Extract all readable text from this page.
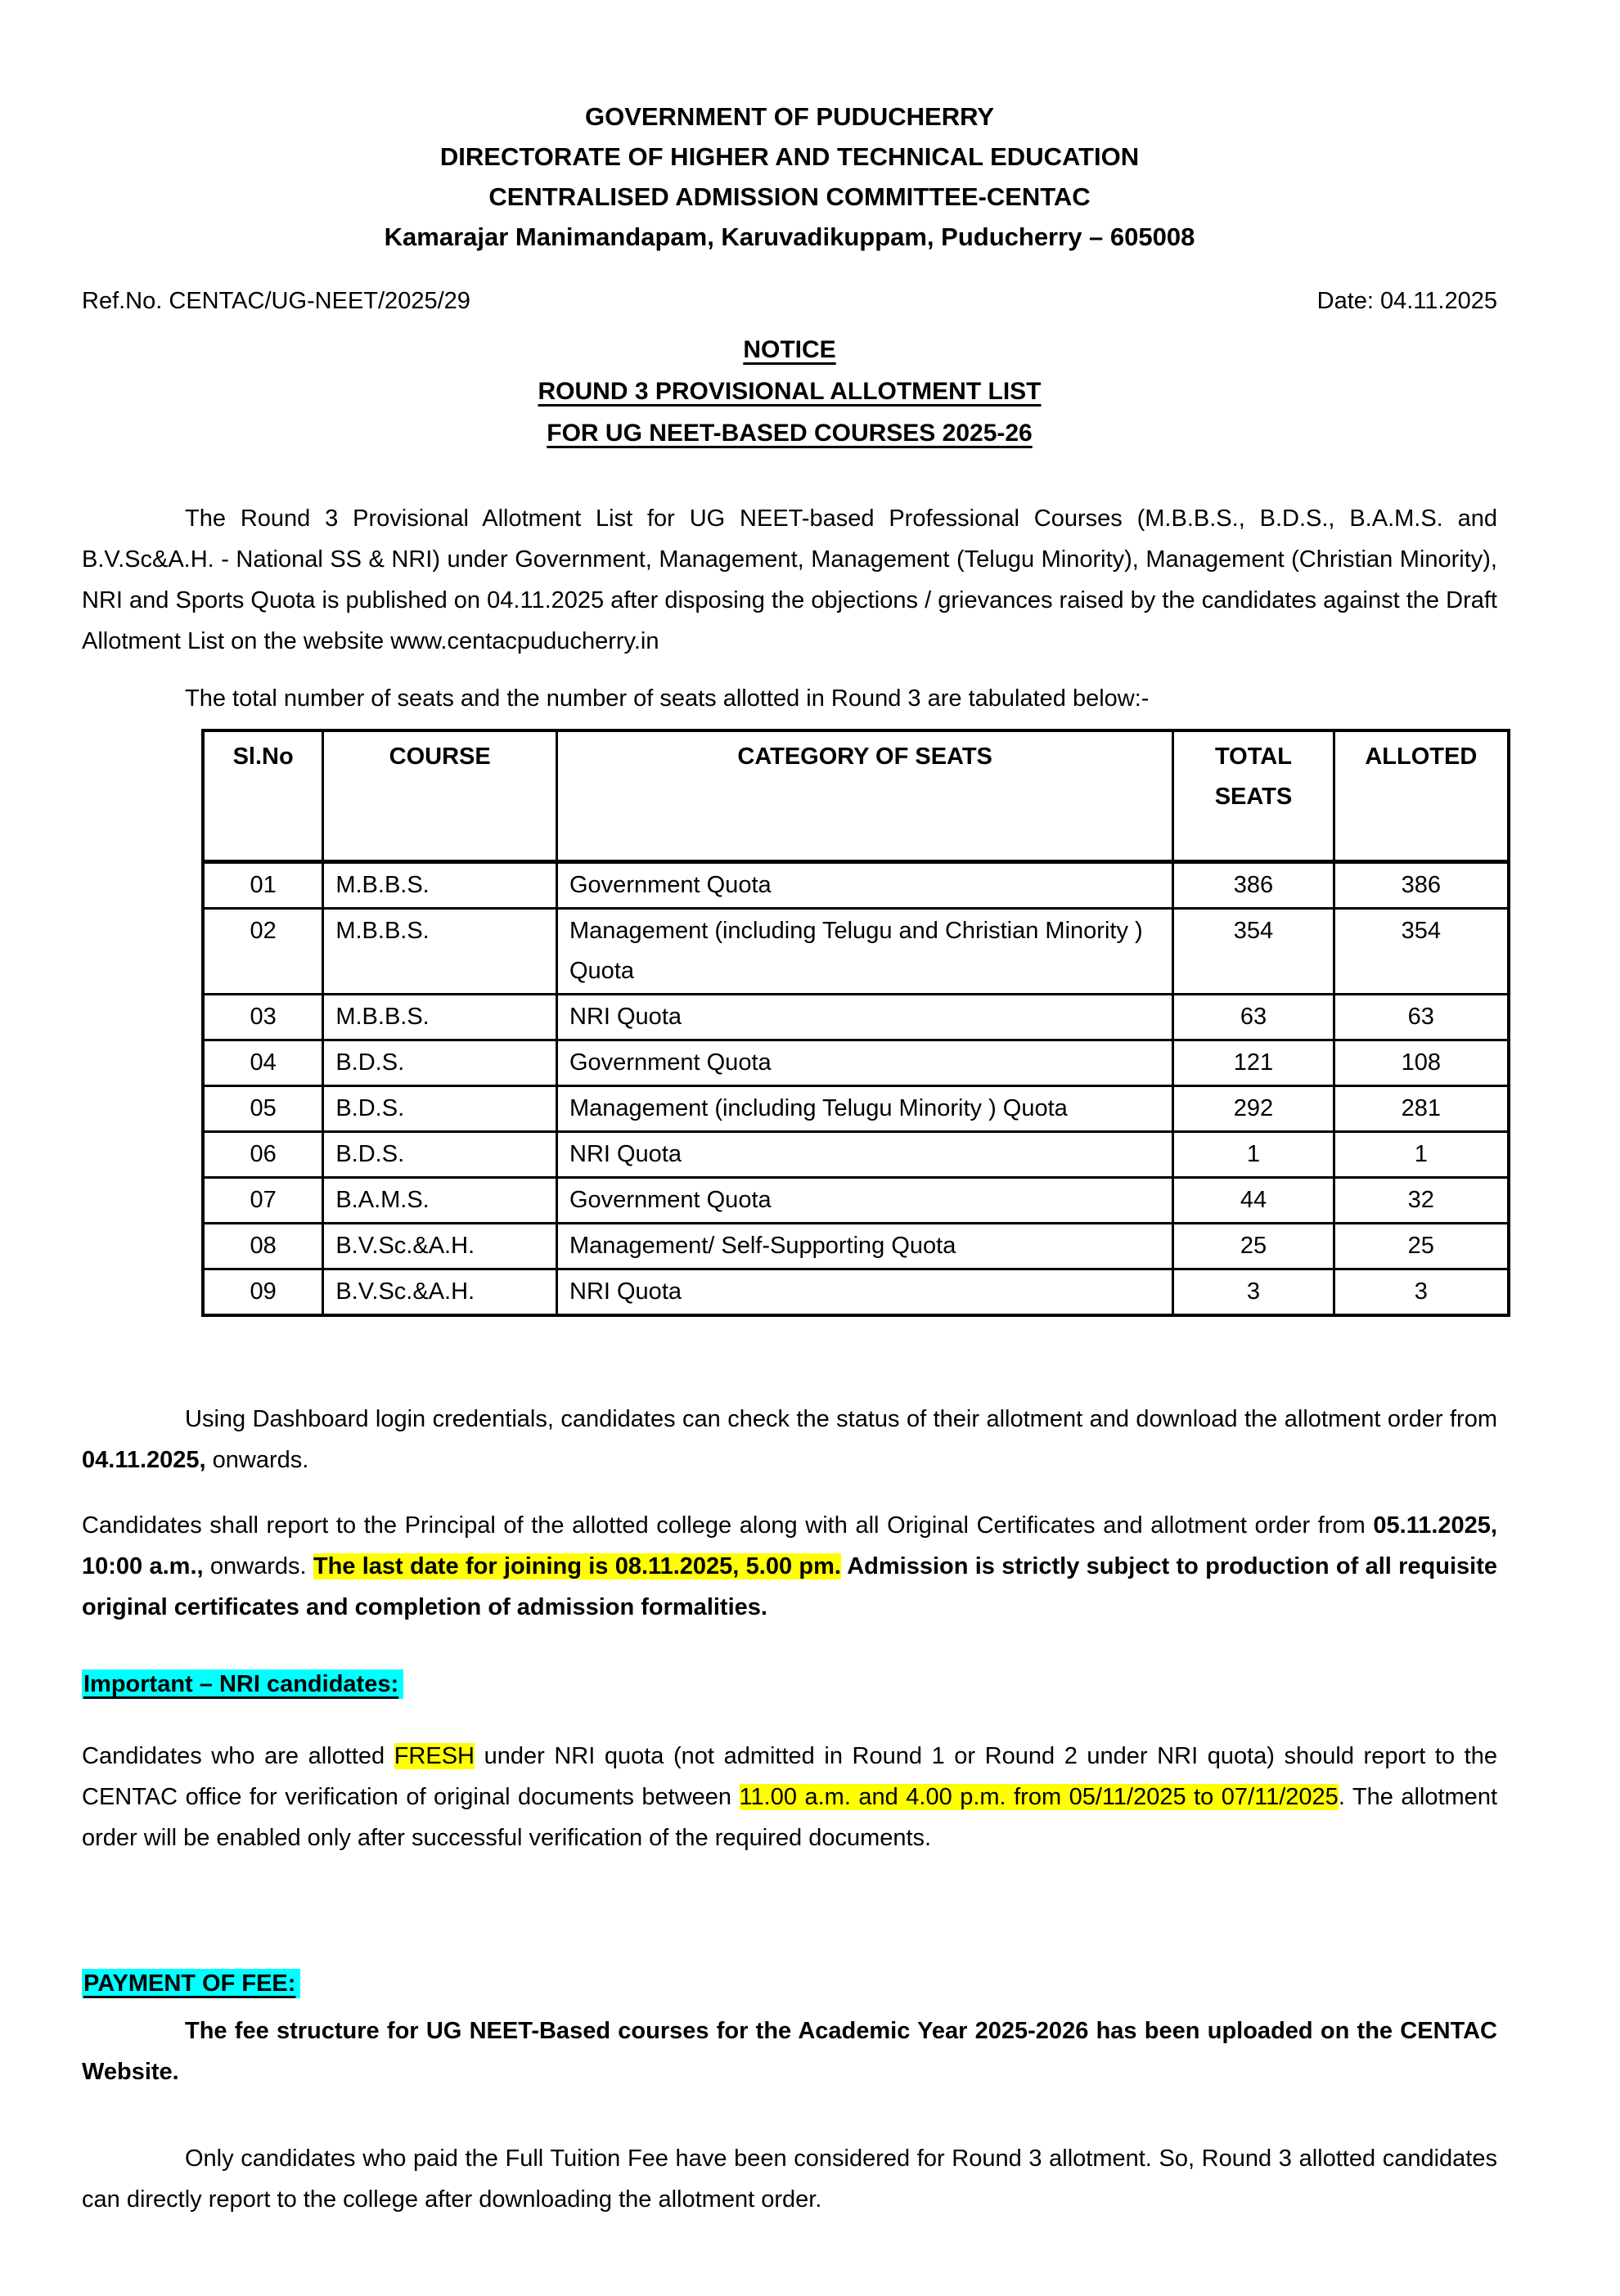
GOVERNMENT OF PUDUCHERRY
DIRECTORATE OF HIGHER AND TECHNICAL EDUCATION
CENTRALISED ADMISSION COMMITTEE-CENTAC
Kamarajar Manimandapam, Karuvadikuppam, Puducherry – 605008
Ref.No. CENTAC/UG-NEET/2025/29	Date: 04.11.2025
NOTICE
ROUND 3 PROVISIONAL ALLOTMENT LIST
FOR UG NEET-BASED COURSES 2025-26
The Round 3 Provisional Allotment List for UG NEET-based Professional Courses (M.B.B.S., B.D.S., B.A.M.S. and B.V.Sc&A.H. - National SS & NRI) under Government, Management, Management (Telugu Minority), Management (Christian Minority), NRI and Sports Quota is published on 04.11.2025 after disposing the objections / grievances raised by the candidates against the Draft Allotment List on the website www.centacpuducherry.in
The total number of seats and the number of seats allotted in Round 3 are tabulated below:-
Sl.No	COURSE	CATEGORY OF SEATS	TOTAL SEATS	ALLOTED
01	M.B.B.S.	Government Quota	386	386
02	M.B.B.S.	Management (including Telugu and Christian Minority ) Quota	354	354
03	M.B.B.S.	NRI Quota	63	63
04	B.D.S.	Government Quota	121	108
05	B.D.S.	Management (including Telugu Minority ) Quota	292	281
06	B.D.S.	NRI Quota	1	1
07	B.A.M.S.	Government Quota	44	32
08	B.V.Sc.&A.H.	Management/ Self-Supporting Quota	25	25
09	B.V.Sc.&A.H.	NRI Quota	3	3
Using Dashboard login credentials, candidates can check the status of their allotment and download the allotment order from 04.11.2025, onwards.
Candidates shall report to the Principal of the allotted college along with all Original Certificates and allotment order from 05.11.2025, 10:00 a.m., onwards. The last date for joining is 08.11.2025, 5.00 pm. Admission is strictly subject to production of all requisite original certificates and completion of admission formalities.
Important – NRI candidates:
Candidates who are allotted FRESH under NRI quota (not admitted in Round 1 or Round 2 under NRI quota) should report to the CENTAC office for verification of original documents between 11.00 a.m. and 4.00 p.m. from 05/11/2025 to 07/11/2025. The allotment order will be enabled only after successful verification of the required documents.
PAYMENT OF FEE:
The fee structure for UG NEET-Based courses for the Academic Year 2025-2026 has been uploaded on the CENTAC Website.
Only candidates who paid the Full Tuition Fee have been considered for Round 3 allotment. So, Round 3 allotted candidates can directly report to the college after downloading the allotment order.
